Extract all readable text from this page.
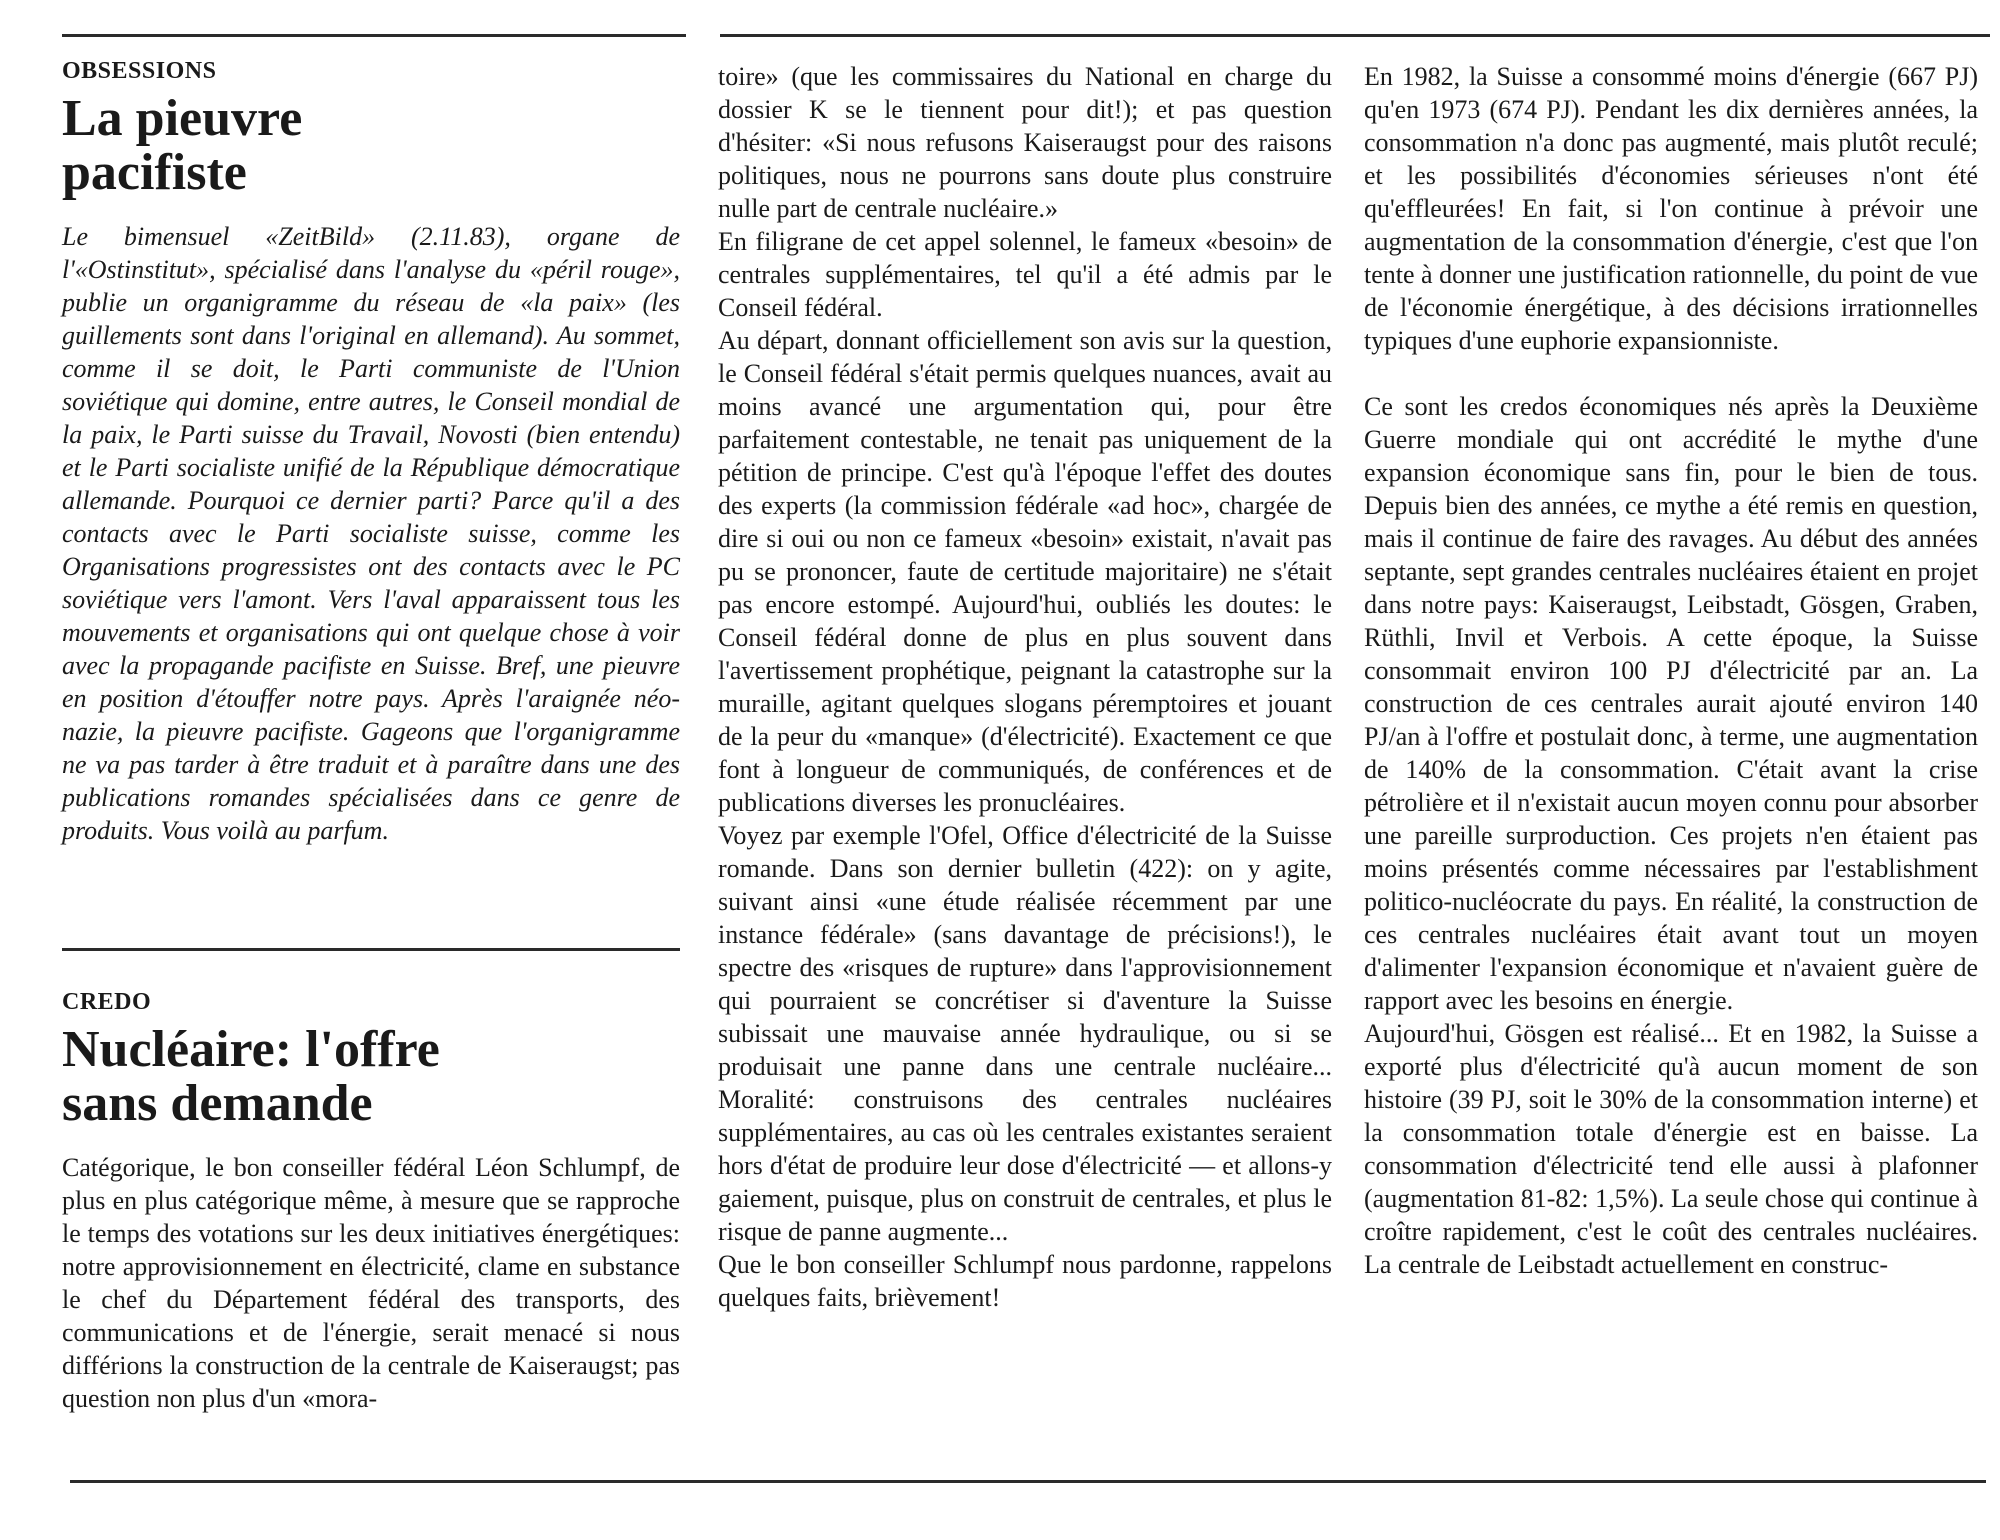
OBSESSIONS
La pieuvre pacifiste

Le bimensuel «ZeitBild» (2.11.83), organe de l'«Ostinstitut», spécialisé dans l'analyse du «péril rouge», publie un organigramme du réseau de «la paix» (les guillements sont dans l'original en allemand). Au sommet, comme il se doit, le Parti communiste de l'Union soviétique qui domine, entre autres, le Conseil mondial de la paix, le Parti suisse du Travail, Novosti (bien entendu) et le Parti socialiste unifié de la République démocratique allemande. Pourquoi ce dernier parti? Parce qu'il a des contacts avec le Parti socialiste suisse, comme les Organisations progressistes ont des contacts avec le PC soviétique vers l'amont. Vers l'aval apparaissent tous les mouvements et organisations qui ont quelque chose à voir avec la propagande pacifiste en Suisse. Bref, une pieuvre en position d'étouffer notre pays. Après l'araignée néo-nazie, la pieuvre pacifiste. Gageons que l'organigramme ne va pas tarder à être traduit et à paraître dans une des publications romandes spécialisées dans ce genre de produits. Vous voilà au parfum.

CREDO
Nucléaire: l'offre sans demande

Catégorique, le bon conseiller fédéral Léon Schlumpf, de plus en plus catégorique même, à mesure que se rapproche le temps des votations sur les deux initiatives énergétiques: notre approvisionnement en électricité, clame en substance le chef du Département fédéral des transports, des communications et de l'énergie, serait menacé si nous différions la construction de la centrale de Kaiseraugst; pas question non plus d'un «mora-

toire» (que les commissaires du National en charge du dossier K se le tiennent pour dit!); et pas question d'hésiter: «Si nous refusons Kaiseraugst pour des raisons politiques, nous ne pourrons sans doute plus construire nulle part de centrale nucléaire.»

En filigrane de cet appel solennel, le fameux «besoin» de centrales supplémentaires, tel qu'il a été admis par le Conseil fédéral.

Au départ, donnant officiellement son avis sur la question, le Conseil fédéral s'était permis quelques nuances, avait au moins avancé une argumentation qui, pour être parfaitement contestable, ne tenait pas uniquement de la pétition de principe. C'est qu'à l'époque l'effet des doutes des experts (la commission fédérale «ad hoc», chargée de dire si oui ou non ce fameux «besoin» existait, n'avait pas pu se prononcer, faute de certitude majoritaire) ne s'était pas encore estompé. Aujourd'hui, oubliés les doutes: le Conseil fédéral donne de plus en plus souvent dans l'avertissement prophétique, peignant la catastrophe sur la muraille, agitant quelques slogans péremptoires et jouant de la peur du «manque» (d'électricité). Exactement ce que font à longueur de communiqués, de conférences et de publications diverses les pronucléaires.

Voyez par exemple l'Ofel, Office d'électricité de la Suisse romande. Dans son dernier bulletin (422): on y agite, suivant ainsi «une étude réalisée récemment par une instance fédérale» (sans davantage de précisions!), le spectre des «risques de rupture» dans l'approvisionnement qui pourraient se concrétiser si d'aventure la Suisse subissait une mauvaise année hydraulique, ou si se produisait une panne dans une centrale nucléaire... Moralité: construisons des centrales nucléaires supplémentaires, au cas où les centrales existantes seraient hors d'état de produire leur dose d'électricité — et allons-y gaiement, puisque, plus on construit de centrales, et plus le risque de panne augmente...

Que le bon conseiller Schlumpf nous pardonne, rappelons quelques faits, brièvement!

En 1982, la Suisse a consommé moins d'énergie (667 PJ) qu'en 1973 (674 PJ). Pendant les dix dernières années, la consommation n'a donc pas augmenté, mais plutôt reculé; et les possibilités d'économies sérieuses n'ont été qu'effleurées! En fait, si l'on continue à prévoir une augmentation de la consommation d'énergie, c'est que l'on tente à donner une justification rationnelle, du point de vue de l'économie énergétique, à des décisions irrationnelles typiques d'une euphorie expansionniste.

Ce sont les credos économiques nés après la Deuxième Guerre mondiale qui ont accrédité le mythe d'une expansion économique sans fin, pour le bien de tous. Depuis bien des années, ce mythe a été remis en question, mais il continue de faire des ravages. Au début des années septante, sept grandes centrales nucléaires étaient en projet dans notre pays: Kaiseraugst, Leibstadt, Gösgen, Graben, Rüthli, Invil et Verbois. A cette époque, la Suisse consommait environ 100 PJ d'électricité par an. La construction de ces centrales aurait ajouté environ 140 PJ/an à l'offre et postulait donc, à terme, une augmentation de 140% de la consommation. C'était avant la crise pétrolière et il n'existait aucun moyen connu pour absorber une pareille surproduction. Ces projets n'en étaient pas moins présentés comme nécessaires par l'establishment politico-nucléocrate du pays. En réalité, la construction de ces centrales nucléaires était avant tout un moyen d'alimenter l'expansion économique et n'avaient guère de rapport avec les besoins en énergie.

Aujourd'hui, Gösgen est réalisé... Et en 1982, la Suisse a exporté plus d'électricité qu'à aucun moment de son histoire (39 PJ, soit le 30% de la consommation interne) et la consommation totale d'énergie est en baisse. La consommation d'électricité tend elle aussi à plafonner (augmentation 81-82: 1,5%). La seule chose qui continue à croître rapidement, c'est le coût des centrales nucléaires. La centrale de Leibstadt actuellement en construc-
